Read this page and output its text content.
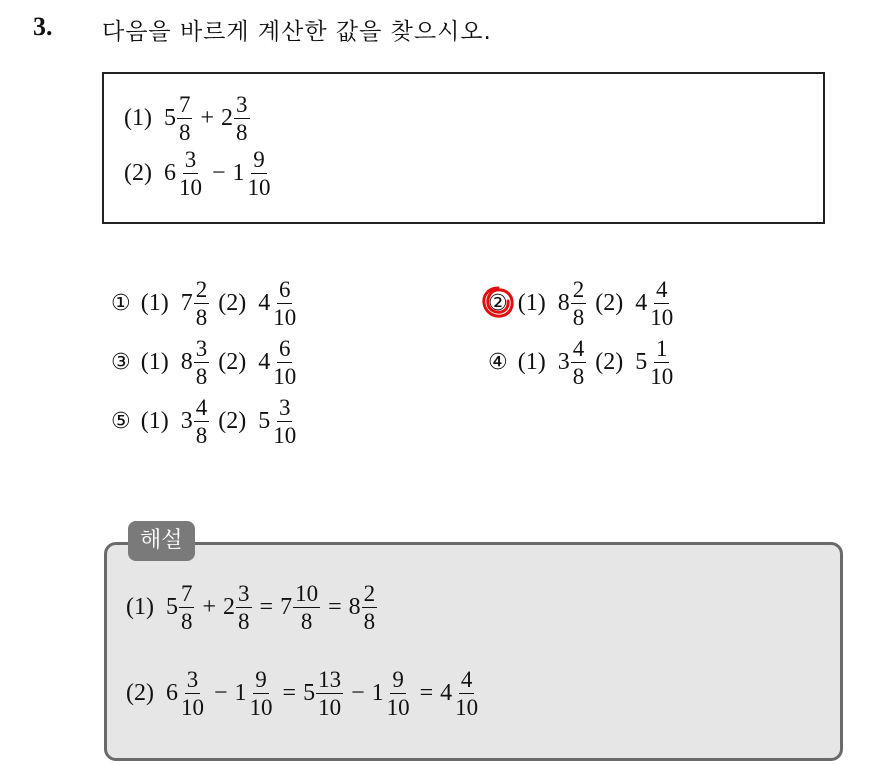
3. 다음을 바르게 계산한 값을 찾으시오.
(1) $5 \frac{7}{8} + 2 \frac{3}{8}$
(2) $6 \frac{3}{10} - 1 \frac{9}{10}$
① (1) $7 \frac{2}{8} (2)$ $4 \frac{6}{10}$	② (1) $8 \frac{2}{8} (2)$ $4 \frac{4}{10}$
③ (1) $8 \frac{3}{8} (2)$ $4 \frac{6}{10}$	④ (1) $3 \frac{4}{8} (2)$ $5 \frac{1}{10}$
⑤ (1) $3 \frac{4}{8} (2)$ $5 \frac{3}{10}$
해설
(1) $5 \frac{7}{8} + 2 \frac{3}{8} = 7 \frac{10}{8} = 8 \frac{2}{8}$
(2) $6 \frac{3}{10} - 1 \frac{9}{10} = 5 \frac{13}{10} - 1 \frac{9}{10} = 4 \frac{4}{10}$
